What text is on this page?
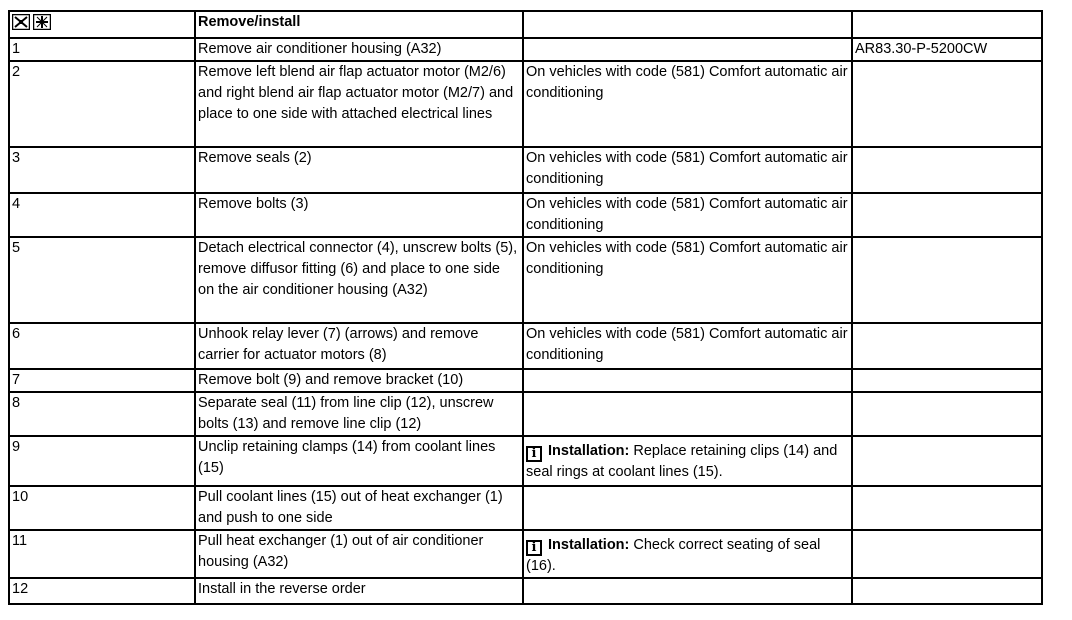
	Remove/install		
1	Remove air conditioner housing (A32)		AR83.30-P-5200CW
2	Remove left blend air flap actuator motor (M2/6) and right blend air flap actuator motor (M2/7) and place to one side with attached electrical lines	On vehicles with code (581) Comfort automatic air conditioning	
3	Remove seals (2)	On vehicles with code (581) Comfort automatic air conditioning	
4	Remove bolts (3)	On vehicles with code (581) Comfort automatic air conditioning	
5	Detach electrical connector (4), unscrew bolts (5), remove diffusor fitting (6) and place to one side on the air conditioner housing (A32)	On vehicles with code (581) Comfort automatic air conditioning	
6	Unhook relay lever (7) (arrows) and remove carrier for actuator motors (8)	On vehicles with code (581) Comfort automatic air conditioning	
7	Remove bolt (9) and remove bracket (10)		
8	Separate seal (11) from line clip (12), unscrew bolts (13) and remove line clip (12)		
9	Unclip retaining clamps (14) from coolant lines (15)	i Installation: Replace retaining clips (14) and seal rings at coolant lines (15).	
10	Pull coolant lines (15) out of heat exchanger (1) and push to one side		
11	Pull heat exchanger (1) out of air conditioner housing (A32)	i Installation: Check correct seating of seal (16).	
12	Install in the reverse order		
